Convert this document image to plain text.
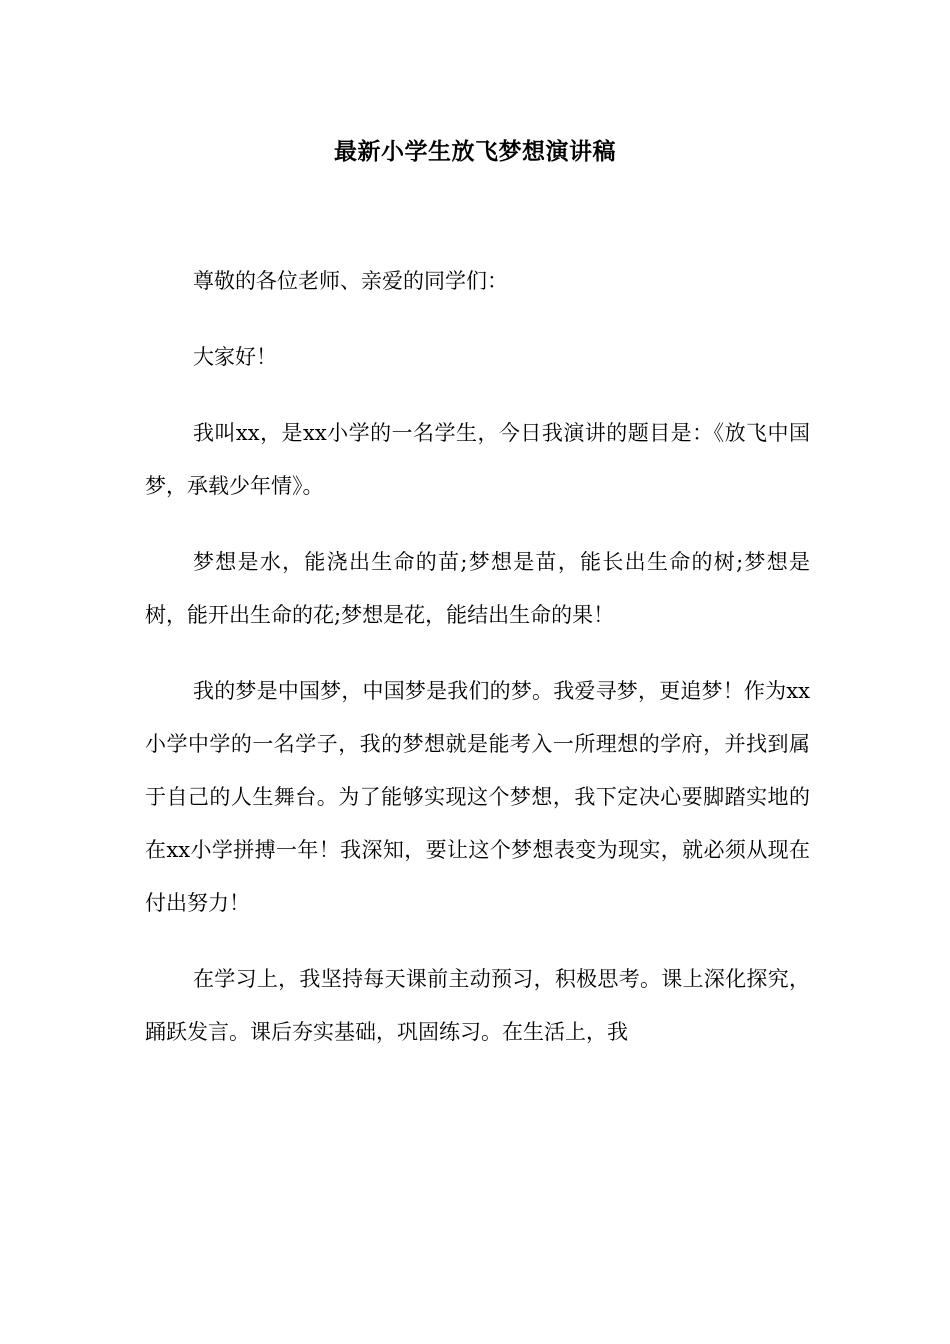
最新小学生放飞梦想演讲稿

尊敬的各位老师、亲爱的同学们：

大家好！

我叫xx，是xx小学的一名学生，今日我演讲的题目是：《放飞中国梦，承载少年情》。

梦想是水，能浇出生命的苗;梦想是苗，能长出生命的树;梦想是树，能开出生命的花;梦想是花，能结出生命的果！

我的梦是中国梦，中国梦是我们的梦。我爱寻梦，更追梦！作为xx小学中学的一名学子，我的梦想就是能考入一所理想的学府，并找到属于自己的人生舞台。为了能够实现这个梦想，我下定决心要脚踏实地的在xx小学拼搏一年！我深知，要让这个梦想表变为现实，就必须从现在付出努力！

在学习上，我坚持每天课前主动预习，积极思考。课上深化探究，踊跃发言。课后夯实基础，巩固练习。在生活上，我
